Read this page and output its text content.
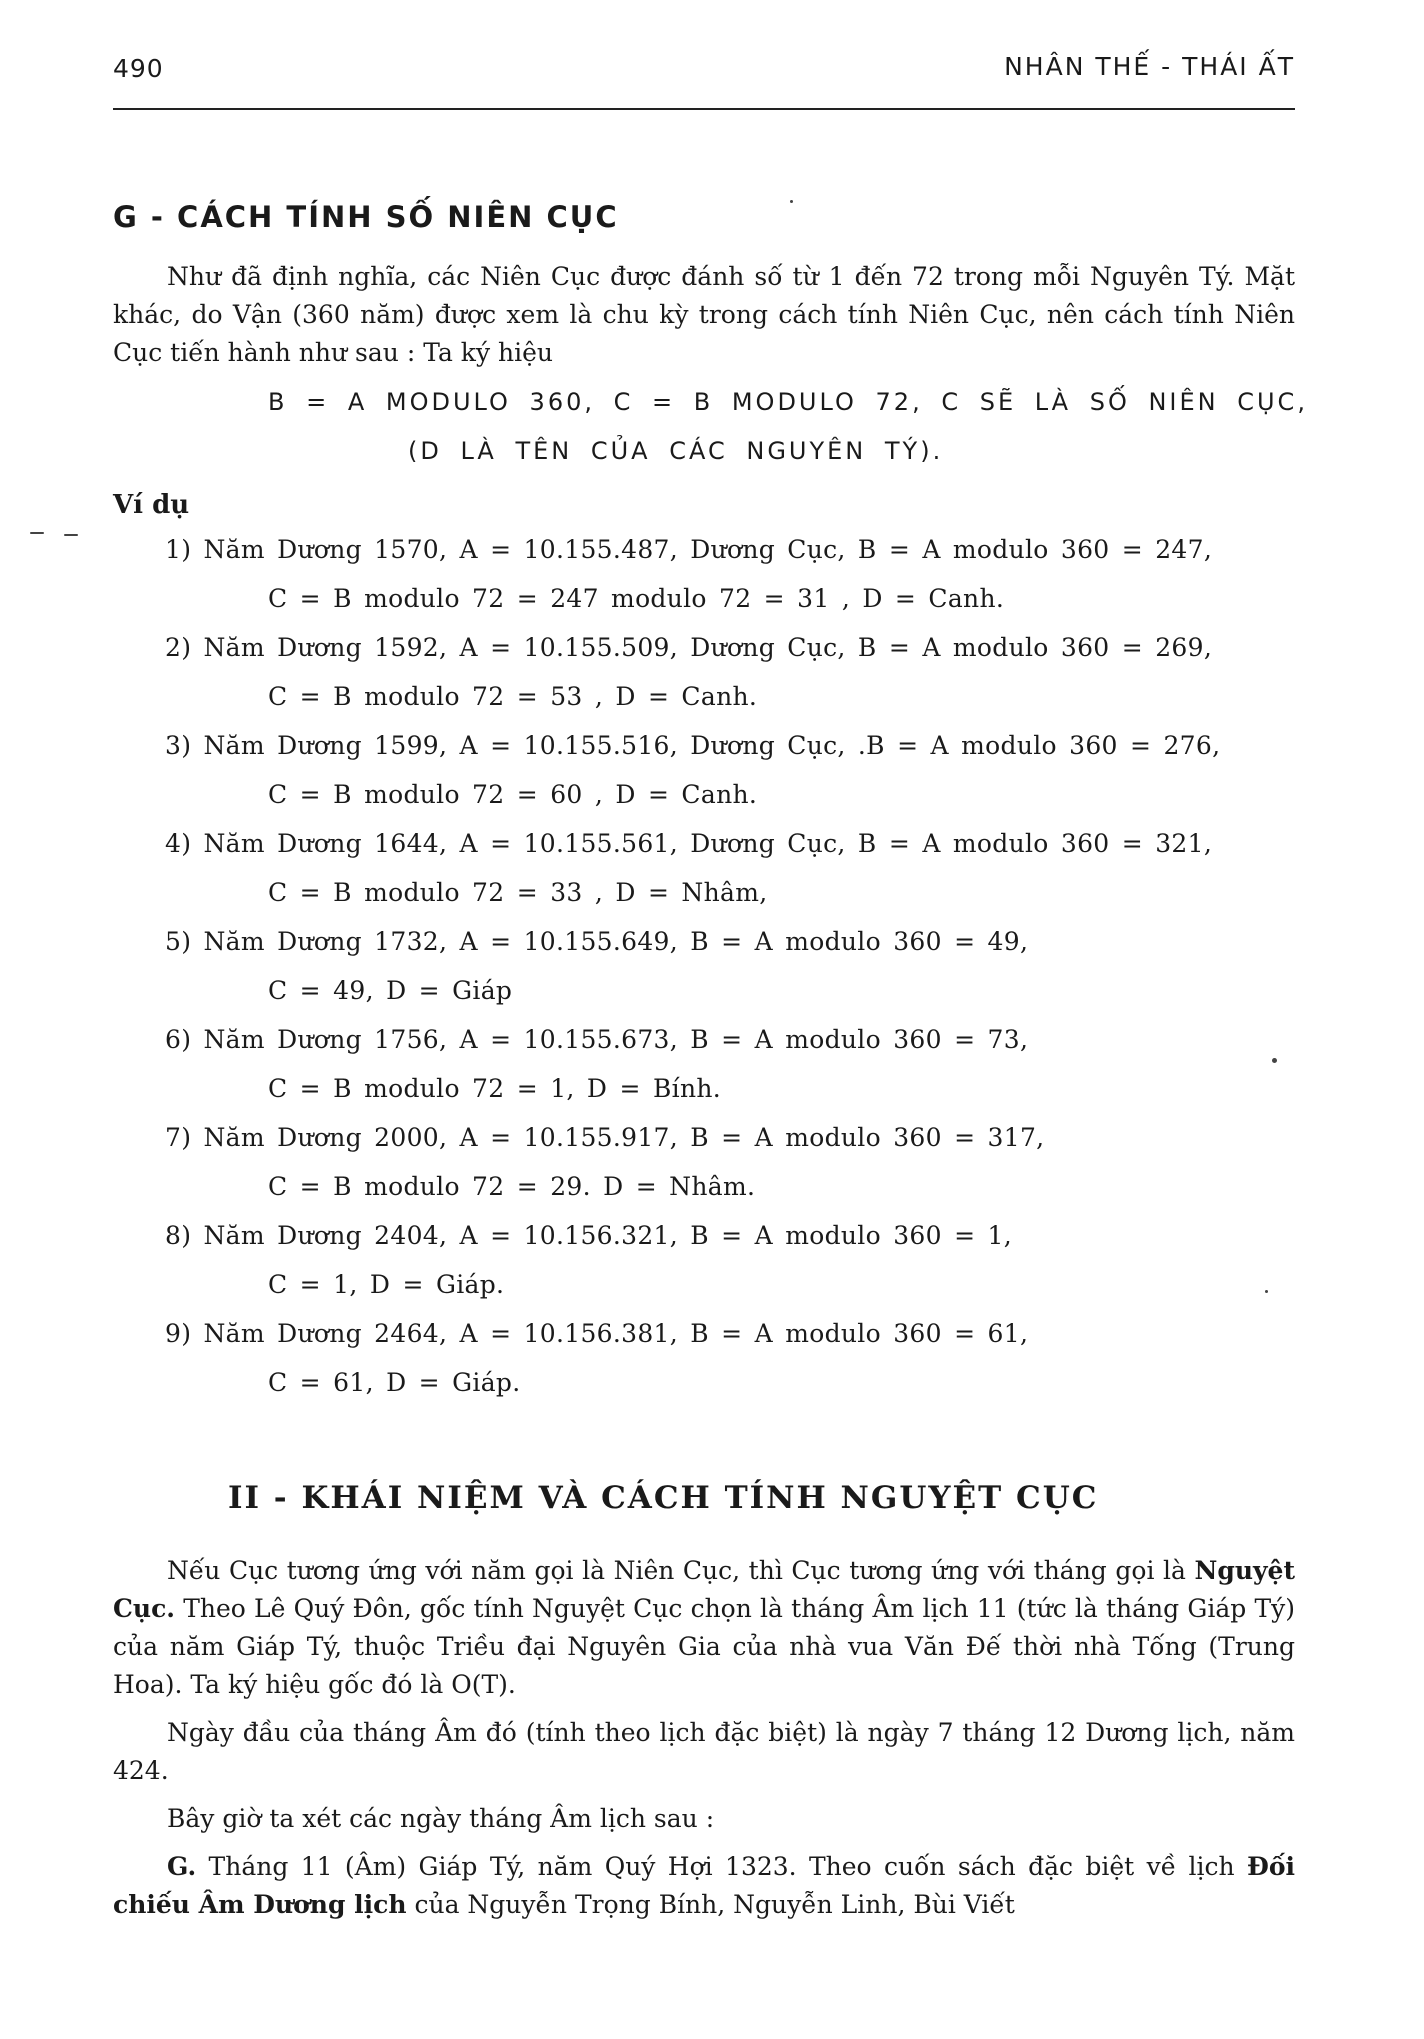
490	NHÂN THẾ - THÁI ẤT
G - CÁCH TÍNH SỐ NIÊN CỤC

Như đã định nghĩa, các Niên Cục được đánh số từ 1 đến 72 trong mỗi Nguyên Tý. Mặt khác, do Vận (360 năm) được xem là chu kỳ trong cách tính Niên Cục, nên cách tính Niên Cục tiến hành như sau : Ta ký hiệu

B = A MODULO 360, C = B MODULO 72, C SẼ LÀ SỐ NIÊN CỤC,
(D LÀ TÊN CỦA CÁC NGUYÊN TÝ).
Ví dụ
1) Năm Dương 1570, A = 10.155.487, Dương Cục, B = A modulo 360 = 247,
C = B modulo 72 = 247 modulo 72 = 31 , D = Canh.
2) Năm Dương 1592, A = 10.155.509, Dương Cục, B = A modulo 360 = 269,
C = B modulo 72 = 53 , D = Canh.
3) Năm Dương 1599, A = 10.155.516, Dương Cục, .B = A modulo 360 = 276,
C = B modulo 72 = 60 , D = Canh.
4) Năm Dương 1644, A = 10.155.561, Dương Cục, B = A modulo 360 = 321,
C = B modulo 72 = 33 , D = Nhâm,
5) Năm Dương 1732, A = 10.155.649, B = A modulo 360 = 49,
C = 49, D = Giáp
6) Năm Dương 1756, A = 10.155.673, B = A modulo 360 = 73,
C = B modulo 72 = 1, D = Bính.
7) Năm Dương 2000, A = 10.155.917, B = A modulo 360 = 317,
C = B modulo 72 = 29. D = Nhâm.
8) Năm Dương 2404, A = 10.156.321, B = A modulo 360 = 1,
C = 1, D = Giáp.
9) Năm Dương 2464, A = 10.156.381, B = A modulo 360 = 61,
C = 61, D = Giáp.
II - KHÁI NIỆM VÀ CÁCH TÍNH NGUYỆT CỤC

Nếu Cục tương ứng với năm gọi là Niên Cục, thì Cục tương ứng với tháng gọi là Nguyệt Cục. Theo Lê Quý Đôn, gốc tính Nguyệt Cục chọn là tháng Âm lịch 11 (tức là tháng Giáp Tý) của năm Giáp Tý, thuộc Triều đại Nguyên Gia của nhà vua Văn Đế thời nhà Tống (Trung Hoa). Ta ký hiệu gốc đó là O(T).

Ngày đầu của tháng Âm đó (tính theo lịch đặc biệt) là ngày 7 tháng 12 Dương lịch, năm 424.

Bây giờ ta xét các ngày tháng Âm lịch sau :

G. Tháng 11 (Âm) Giáp Tý, năm Quý Hợi 1323. Theo cuốn sách đặc biệt về lịch Đối chiếu Âm Dương lịch của Nguyễn Trọng Bính, Nguyễn Linh, Bùi Viết
